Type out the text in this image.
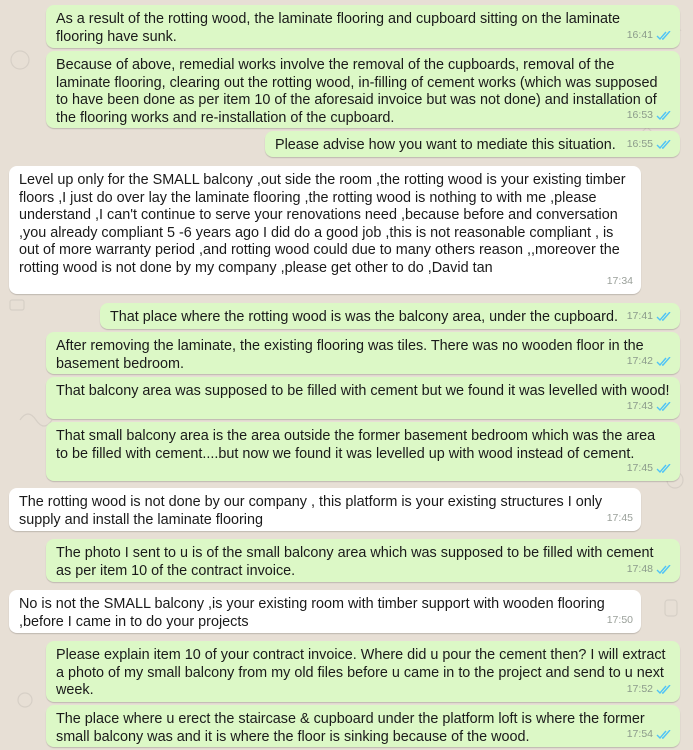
As a result of the rotting wood, the laminate flooring and cupboard sitting on the laminate flooring have sunk.	16:41
Because of above, remedial works involve the removal of the cupboards, removal of the laminate flooring, clearing out the rotting wood, in-filling of cement works (which was supposed to have been done as per item 10 of the aforesaid invoice but was not done) and installation of the flooring works and re-installation of the cupboard.	16:53
Please advise how you want to mediate this situation.	16:55
Level up only for the SMALL balcony ,out side the room ,the rotting wood is your existing timber floors ,I just do over lay the laminate flooring ,the rotting wood is nothing to with me ,please understand ,I can't continue to serve your renovations need ,because before and conversation ,you already compliant 5 -6 years ago I did do a good job ,this is not reasonable compliant , is out of more warranty period ,and rotting wood could due to many others reason ,,moreover the rotting wood is not done by my company ,please get other to do ,David tan
17:34
That place where the rotting wood is was the balcony area, under the cupboard. 17:41
After removing the laminate, the existing flooring was tiles. There was no wooden floor in the basement bedroom.	17:42
That balcony area was supposed to be filled with cement but we found it was levelled with wood!
17:43
That small balcony area is the area outside the former basement bedroom which was the area to be filled with cement....but now we found it was levelled up with wood instead of cement.
17:45
The rotting wood is not done by our company , this platform is your existing structures I only supply and install the laminate flooring	17:45
The photo I sent to u is of the small balcony area which was supposed to be filled with cement as per item 10 of the contract invoice.	17:48
No is not the SMALL balcony ,is your existing room with timber support with wooden flooring ,before I came in to do your projects	17:50
Please explain item 10 of your contract invoice. Where did u pour the cement then? I will extract a photo of my small balcony from my old files before u came in to the project and send to u next week.	17:52
The place where u erect the staircase & cupboard under the platform loft is where the former small balcony was and it is where the floor is sinking because of the wood.	17:54
